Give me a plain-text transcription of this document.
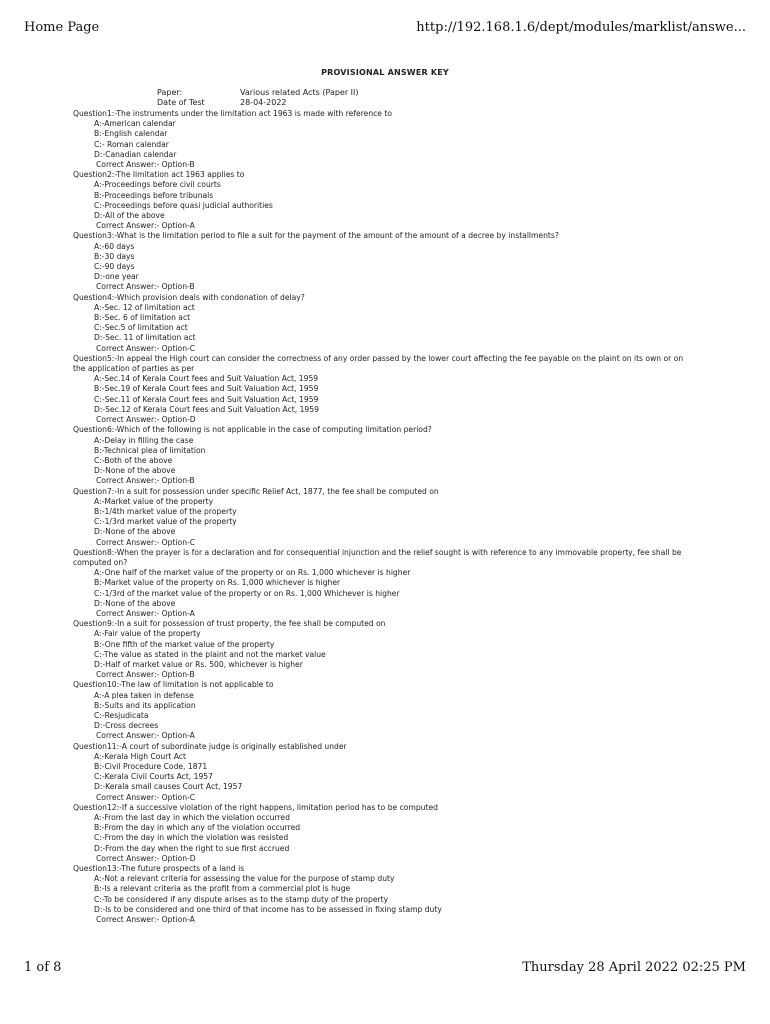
Home Page	http://192.168.1.6/dept/modules/marklist/answe...
PROVISIONAL ANSWER KEY
Paper:	Various related Acts (Paper II)
Date of Test	28-04-2022

Question1:-The instruments under the limitation act 1963 is made with reference to

A:-American calendar

B:-English calendar

C:- Roman calendar

D:-Canadian calendar

Correct Answer:- Option-B

Question2:-The limitation act 1963 applies to

A:-Proceedings before civil courts

B:-Proceedings before tribunals

C:-Proceedings before quasi judicial authorities

D:-All of the above

Correct Answer:- Option-A

Question3:-What is the limitation period to file a suit for the payment of the amount of the amount of a decree by installments?

A:-60 days

B:-30 days

C:-90 days

D:-one year

Correct Answer:- Option-B

Question4:-Which provision deals with condonation of delay?

A:-Sec. 12 of limitation act

B:-Sec. 6 of limitation act

C:-Sec.5 of limitation act

D:-Sec. 11 of limitation act

Correct Answer:- Option-C

Question5:-In appeal the High court can consider the correctness of any order passed by the lower court affecting the fee payable on the plaint on its own or on the application of parties as per

A:-Sec.14 of Kerala Court fees and Suit Valuation Act, 1959

B:-Sec.19 of Kerala Court fees and Suit Valuation Act, 1959

C:-Sec.11 of Kerala Court fees and Suit Valuation Act, 1959

D:-Sec.12 of Kerala Court fees and Suit Valuation Act, 1959

Correct Answer:- Option-D

Question6:-Which of the following is not applicable in the case of computing limitation period?

A:-Delay in filling the case

B:-Technical plea of limitation

C:-Both of the above

D:-None of the above

Correct Answer:- Option-B

Question7:-In a suit for possession under specific Relief Act, 1877, the fee shall be computed on

A:-Market value of the property

B:-1/4th market value of the property

C:-1/3rd market value of the property

D:-None of the above

Correct Answer:- Option-C

Question8:-When the prayer is for a declaration and for consequential injunction and the relief sought is with reference to any immovable property, fee shall be computed on?

A:-One half of the market value of the property or on Rs. 1,000 whichever is higher

B:-Market value of the property on Rs. 1,000 whichever is higher

C:-1/3rd of the market value of the property or on Rs. 1,000 Whichever is higher

D:-None of the above

Correct Answer:- Option-A

Question9:-In a suit for possession of trust property, the fee shall be computed on

A:-Fair value of the property

B:-One fifth of the market value of the property

C:-The value as stated in the plaint and not the market value

D:-Half of market value or Rs. 500, whichever is higher

Correct Answer:- Option-B

Question10:-The law of limitation is not applicable to

A:-A plea taken in defense

B:-Suits and its application

C:-Resjudicata

D:-Cross decrees

Correct Answer:- Option-A

Question11:-A court of subordinate judge is originally established under

A:-Kerala High Court Act

B:-Civil Procedure Code, 1871

C:-Kerala Civil Courts Act, 1957

D:-Kerala small causes Court Act, 1957

Correct Answer:- Option-C

Question12:-If a successive violation of the right happens, limitation period has to be computed

A:-From the last day in which the violation occurred

B:-From the day in which any of the violation occurred

C:-From the day in which the violation was resisted

D:-From the day when the right to sue first accrued

Correct Answer:- Option-D

Question13:-The future prospects of a land is

A:-Not a relevant criteria for assessing the value for the purpose of stamp duty

B:-Is a relevant criteria as the profit from a commercial plot is huge

C:-To be considered if any dispute arises as to the stamp duty of the property

D:-Is to be considered and one third of that income has to be assessed in fixing stamp duty

Correct Answer:- Option-A

1 of 8	Thursday 28 April 2022 02:25 PM
